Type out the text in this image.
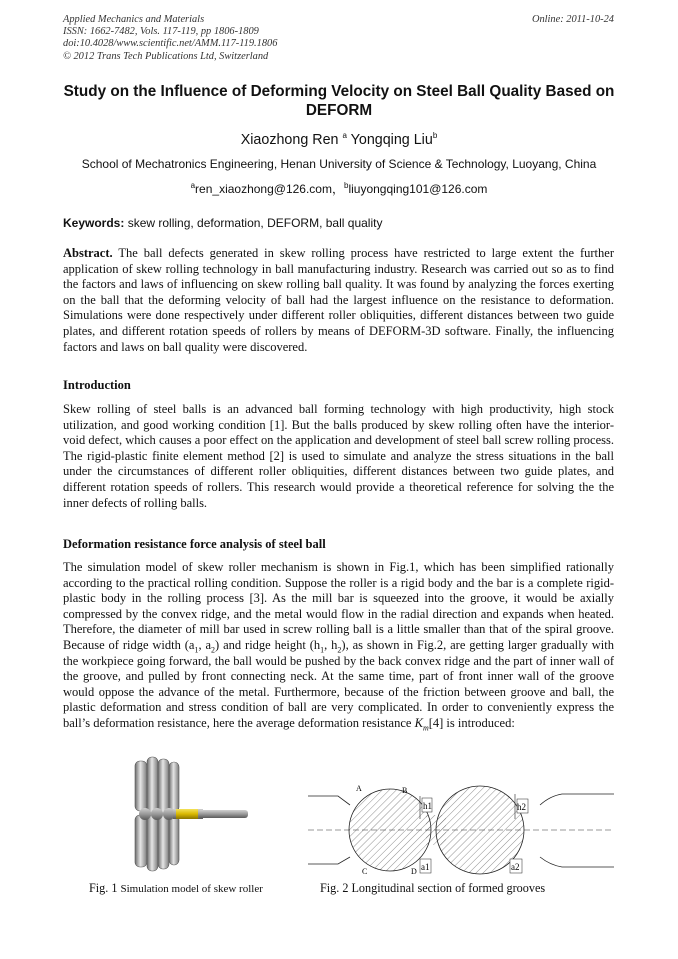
Applied Mechanics and Materials
ISSN: 1662-7482, Vols. 117-119, pp 1806-1809
doi:10.4028/www.scientific.net/AMM.117-119.1806
© 2012 Trans Tech Publications Ltd, Switzerland
Online: 2011-10-24
Study on the Influence of Deforming Velocity on Steel Ball Quality Based on DEFORM
Xiaozhong Ren $^a$ Yongqing Liu$^b$
School of Mechatronics Engineering, Henan University of Science & Technology, Luoyang, China
$^a$ren_xiaozhong@126.com，$^b$liuyongqing101@126.com
Keywords: skew rolling, deformation, DEFORM, ball quality
Abstract. The ball defects generated in skew rolling process have restricted to large extent the further application of skew rolling technology in ball manufacturing industry. Research was carried out so as to find the factors and laws of influencing on skew rolling ball quality. It was found by analyzing the forces exerting on the ball that the deforming velocity of ball had the largest influence on the resistance to deformation. Simulations were done respectively under different roller obliquities, different distances between two guide plates, and different rotation speeds of rollers by means of DEFORM-3D software. Finally, the influencing factors and laws on ball quality were discovered.
Introduction
Skew rolling of steel balls is an advanced ball forming technology with high productivity, high stock utilization, and good working condition [1]. But the balls produced by skew rolling often have the interior-void defect, which causes a poor effect on the application and development of steel ball screw rolling process. The rigid-plastic finite element method [2] is used to simulate and analyze the stress situations in the ball under the circumstances of different roller obliquities, different distances between two guide plates, and different rotation speeds of rollers. This research would provide a theoretical reference for solving the the inner defects of rolling balls.
Deformation resistance force analysis of steel ball
The simulation model of skew roller mechanism is shown in Fig.1, which has been simplified rationally according to the practical rolling condition. Suppose the roller is a rigid body and the bar is a complete rigid-plastic body in the rolling process [3]. As the mill bar is squeezed into the groove, it would be axially compressed by the convex ridge, and the metal would flow in the radial direction and expands when heated. Therefore, the diameter of mill bar used in screw rolling ball is a little smaller than that of the spiral groove. Because of ridge width ($a_1$, $a_2$) and ridge height ($h_1$, $h_2$), as shown in Fig.2, are getting larger gradually with the workpiece going forward, the ball would be pushed by the back convex ridge and the part of inner wall of the groove, and pulled by front connecting neck. At the same time, part of front inner wall of the groove would oppose the advance of the metal. Furthermore, because of the friction between groove and ball, the plastic deformation and stress condition of ball are very complicated. In order to conveniently express the ball’s deformation resistance, here the average deformation resistance $K_m[4]$ is introduced:
h1	h2
a1	a2
A	B
C	D
Fig. 1 Simulation model of skew roller	Fig. 2 Longitudinal section of formed grooves
